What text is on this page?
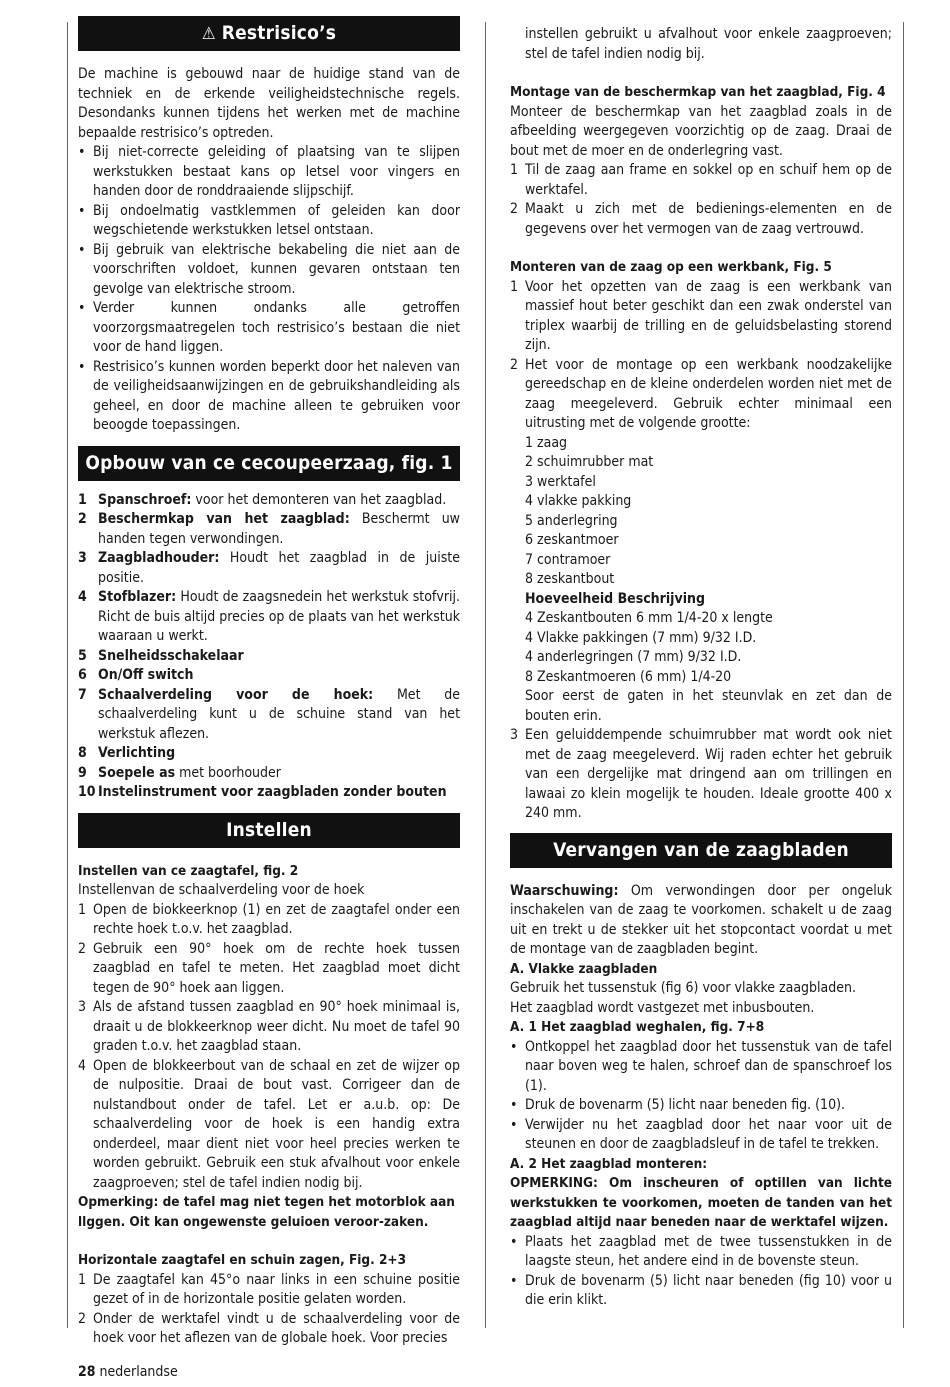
⚠ Restrisico’s

De machine is gebouwd naar de huidige stand van de techniek en de erkende veiligheidstechnische regels. Desondanks kunnen tijdens het werken met de machine bepaalde restrisico’s optreden.

• Bij niet-correcte geleiding of plaatsing van te slijpen werkstukken bestaat kans op letsel voor vingers en handen door de ronddraaiende slijpschijf.
• Bij ondoelmatig vastklemmen of geleiden kan door wegschietende werkstukken letsel ontstaan.
• Bij gebruik van elektrische bekabeling die niet aan de voorschriften voldoet, kunnen gevaren ontstaan ten gevolge van elektrische stroom.
• Verder kunnen ondanks alle getroffen voorzorgsmaatregelen toch restrisico’s bestaan die niet voor de hand liggen.
• Restrisico’s kunnen worden beperkt door het naleven van de veiligheidsaanwijzingen en de gebruikshandleiding als geheel, en door de machine alleen te gebruiken voor beoogde toepassingen.
Opbouw van ce cecoupeerzaag, fig. 1
1 Spanschroef: voor het demonteren van het zaagblad.
2 Beschermkap van het zaagblad: Beschermt uw handen tegen verwondingen.
3 Zaagbladhouder: Houdt het zaagblad in de juiste positie.
4 Stofblazer: Houdt de zaagsnedein het werkstuk stofvrij. Richt de buis altijd precies op de plaats van het werkstuk waaraan u werkt.
5 Snelheidsschakelaar
6 On/Off switch
7 Schaalverdeling voor de hoek: Met de schaalverdeling kunt u de schuine stand van het werkstuk aflezen.
8 Verlichting
9 Soepele as met boorhouder
10 Instelinstrument voor zaagbladen zonder bouten
Instellen
Instellen van ce zaagtafel, fig. 2

Instellenvan de schaalverdeling voor de hoek

1 Open de biokkeerknop (1) en zet de zaagtafel onder een rechte hoek t.o.v. het zaagblad.
2 Gebruik een 90° hoek om de rechte hoek tussen zaagblad en tafel te meten. Het zaagblad moet dicht tegen de 90° hoek aan liggen.
3 Als de afstand tussen zaagblad en 90° hoek minimaal is, draait u de blokkeerknop weer dicht. Nu moet de tafel 90 graden t.o.v. het zaagblad staan.
4 Open de blokkeerbout van de schaal en zet de wijzer op de nulpositie. Draai de bout vast. Corrigeer dan de nulstandbout onder de tafel. Let er a.u.b. op: De schaalverdeling voor de hoek is een handig extra onderdeel, maar dient niet voor heel precies werken te worden gebruikt. Gebruik een stuk afvalhout voor enkele zaagproeven; stel de tafel indien nodig bij.

Opmerking: de tafel mag niet tegen het motorblok aan llggen. Oit kan ongewenste geluioen veroor-zaken.

Horizontale zaagtafel en schuin zagen, Fig. 2+3
1 De zaagtafel kan 45°o naar links in een schuine positie gezet of in de horizontale positie gelaten worden.
2 Onder de werktafel vindt u de schaalverdeling voor de hoek voor het aflezen van de globale hoek. Voor precies

instellen gebruikt u afvalhout voor enkele zaagproeven; stel de tafel indien nodig bij.

Montage van de beschermkap van het zaagblad, Fig. 4

Monteer de beschermkap van het zaagblad zoals in de afbeelding weergegeven voorzichtig op de zaag. Draai de bout met de moer en de onderlegring vast.

1 Til de zaag aan frame en sokkel op en schuif hem op de werktafel.
2 Maakt u zich met de bedienings-elementen en de gegevens over het vermogen van de zaag vertrouwd.
Monteren van de zaag op een werkbank, Fig. 5
1 Voor het opzetten van de zaag is een werkbank van massief hout beter geschikt dan een zwak onderstel van triplex waarbij de trilling en de geluidsbelasting storend zijn.
2 Het voor de montage op een werkbank noodzakelijke gereedschap en de kleine onderdelen worden niet met de zaag meegeleverd. Gebruik echter minimaal een uitrusting met de volgende grootte:
1 zaag
2 schuimrubber mat
3 werktafel
4 vlakke pakking
5 anderlegring
6 zeskantmoer
7 contramoer
8 zeskantbout
Hoeveelheid Beschrijving
4 Zeskantbouten 6 mm 1/4-20 x lengte
4 Vlakke pakkingen (7 mm) 9/32 I.D.
4 anderlegringen (7 mm) 9/32 I.D.
8 Zeskantmoeren (6 mm) 1/4-20

Soor eerst de gaten in het steunvlak en zet dan de bouten erin.

3 Een geluiddempende schuimrubber mat wordt ook niet met de zaag meegeleverd. Wij raden echter het gebruik van een dergelijke mat dringend aan om trillingen en lawaai zo klein mogelijk te houden. Ideale grootte 400 x 240 mm.
Vervangen van de zaagbladen

Waarschuwing: Om verwondingen door per ongeluk inschakelen van de zaag te voorkomen. schakelt u de zaag uit en trekt u de stekker uit het stopcontact voordat u met de montage van de zaagbladen begint.

A. Vlakke zaagbladen

Gebruik het tussenstuk (fig 6) voor vlakke zaagbladen.

Het zaagblad wordt vastgezet met inbusbouten.

A. 1 Het zaagblad weghalen, fig. 7+8
• Ontkoppel het zaagblad door het tussenstuk van de tafel naar boven weg te halen, schroef dan de spanschroef los (1).
• Druk de bovenarm (5) licht naar beneden fig. (10).
• Verwijder nu het zaagblad door het naar voor uit de steunen en door de zaagbladsleuf in de tafel te trekken.
A. 2 Het zaagblad monteren:

OPMERKING: Om inscheuren of optillen van lichte werkstukken te voorkomen, moeten de tanden van het zaagblad altijd naar beneden naar de werktafel wijzen.

• Plaats het zaagblad met de twee tussenstukken in de laagste steun, het andere eind in de bovenste steun.
• Druk de bovenarm (5) licht naar beneden (fig 10) voor u die erin klikt.
28 nederlandse
